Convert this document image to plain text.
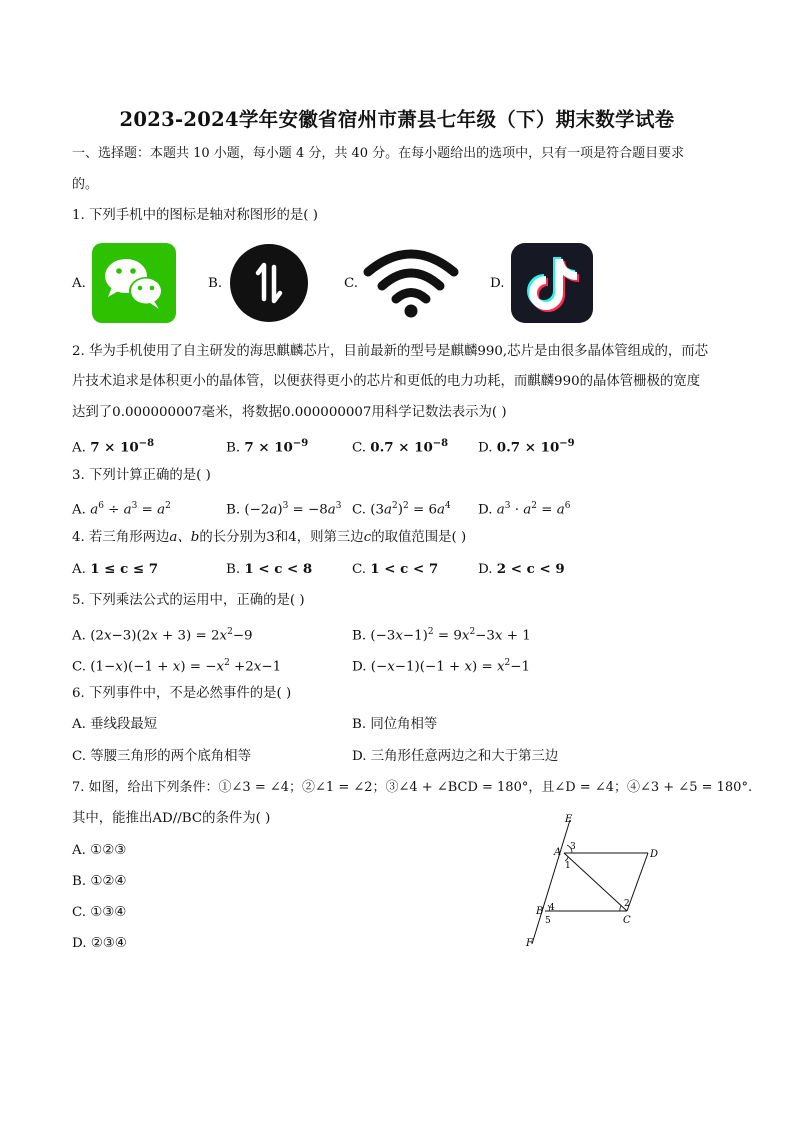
2023-2024学年安徽省宿州市萧县七年级（下）期末数学试卷
一、选择题：本题共 10 小题，每小题 4 分，共 40 分。在每小题给出的选项中，只有一项是符合题目要求
的。
1. 下列手机中的图标是轴对称图形的是( )
A.	B.	C.	D.
2. 华为手机使用了自主研发的海思麒麟芯片，目前最新的型号是麒麟990,芯片是由很多晶体管组成的，而芯
片技术追求是体积更小的晶体管，以便获得更小的芯片和更低的电力功耗，而麒麟990的晶体管栅极的宽度
达到了0.000000007毫米，将数据0.000000007用科学记数法表示为( )
A. $7 \times 10^{-8}$	B. $7 \times 10^{-9}$	C. $0.7 \times 10^{-8}$ D. $0.7 \times 10^{-9}$
3. 下列计算正确的是( )
A. $a^6 \div a^3 = a^2$	B. $(-2a)^3 = -8a^3$ C. $(3a^2)^2 = 6a^4$ D. $a^3 \cdot a^2 = a^6$
4. 若三角形两边a、b的长分别为3和4，则第三边c的取值范围是( )
A. 1 ≤ c ≤ 7	B. 1 < c < 8	C. 1 < c < 7	D. 2 < c < 9
5. 下列乘法公式的运用中，正确的是( )
A. $(2x-3)(2x + 3) = 2x^2-9$	B. $(-3x-1)^2 = 9x^2-3x + 1$
C. $(1-x)(-1 + x) = -x^2 +2x-1$	D. $(-x-1)(-1 + x) = x^2-1$
6. 下列事件中，不是必然事件的是( )
A. 垂线段最短	B. 同位角相等
C. 等腰三角形的两个底角相等	D. 三角形任意两边之和大于第三边
7. 如图，给出下列条件：①∠3 = ∠4；②∠1 = ∠2；③∠4 + ∠BCD = 180°，且∠D = ∠4；④∠3 + ∠5 = 180°.
其中，能推出AD//BC的条件为( )
A. ①②③
B. ①②④
C. ①③④
D. ②③④
E
A	D
B
C
F
1
2
3
4
5
